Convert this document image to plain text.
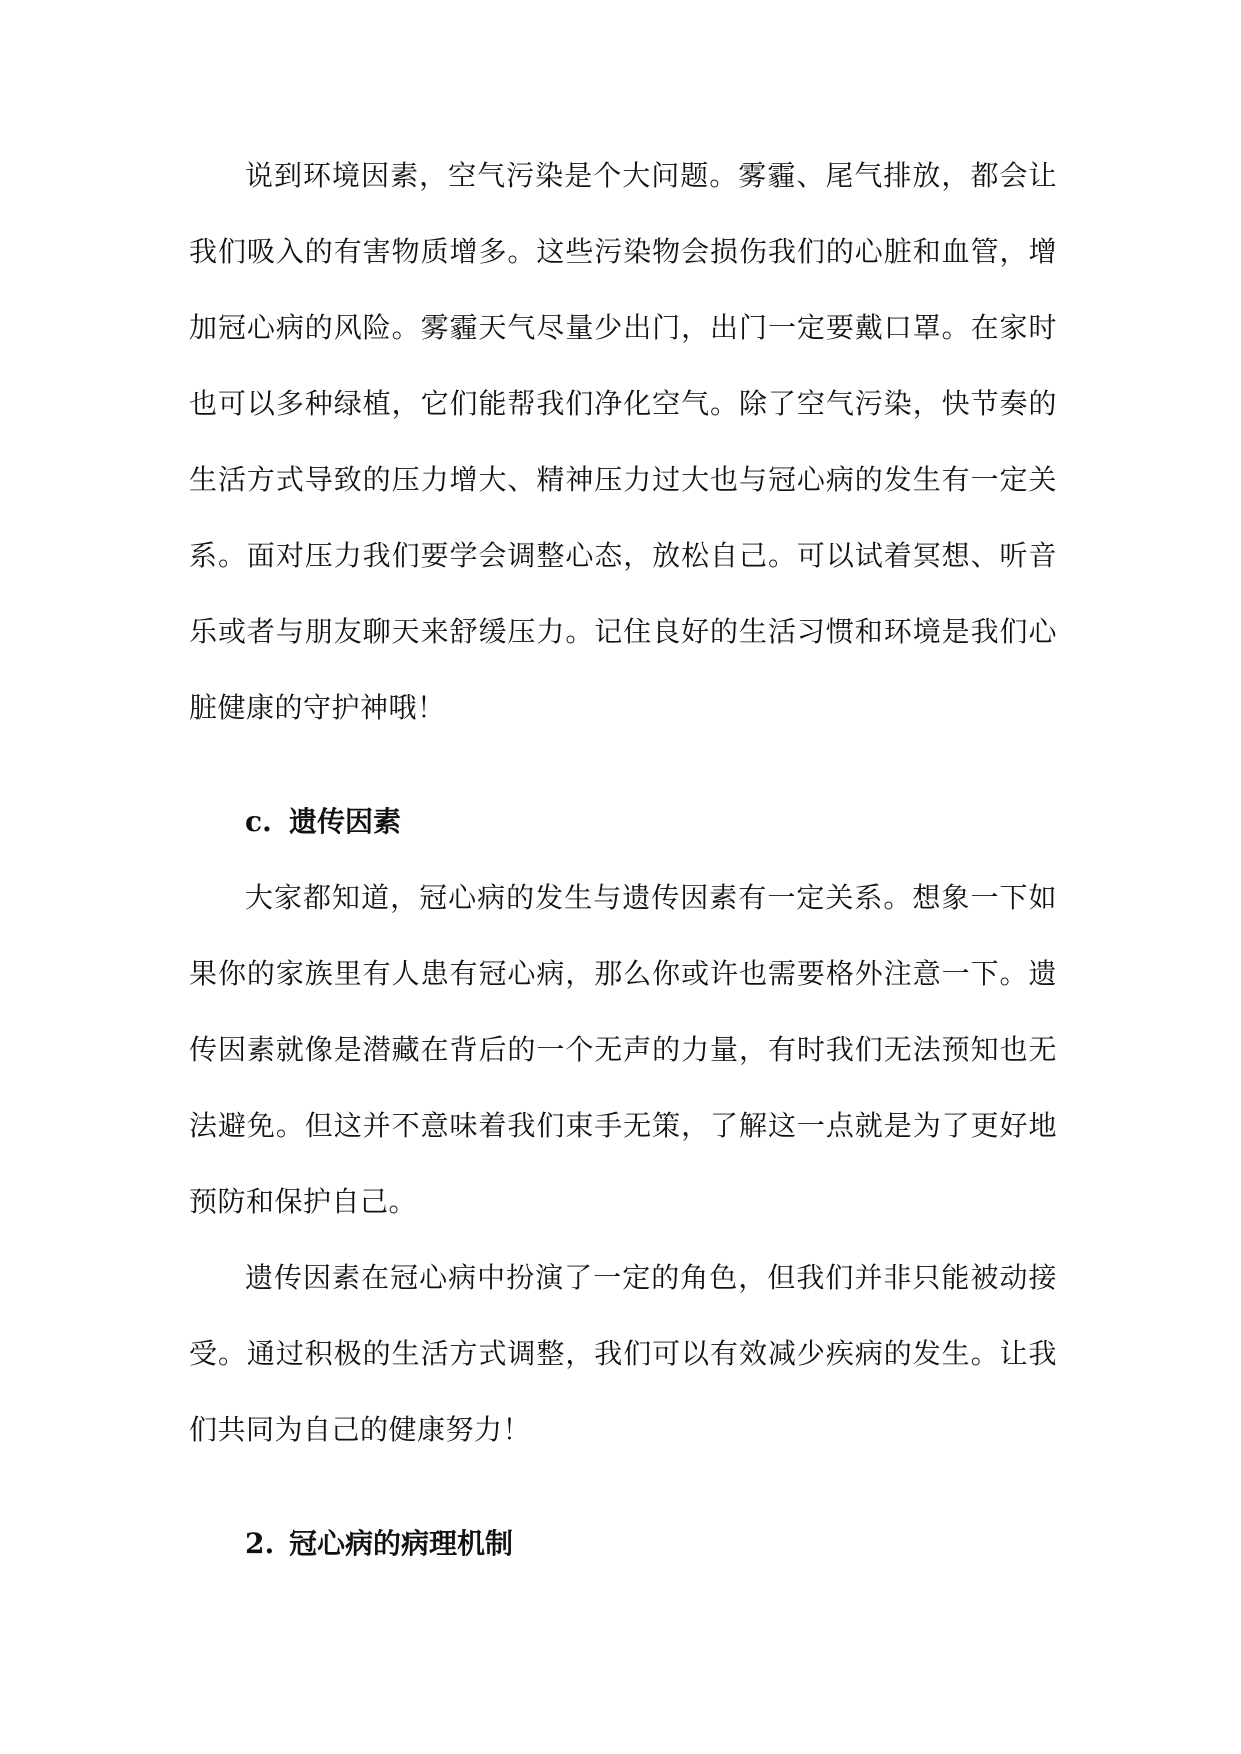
说到环境因素，空气污染是个大问题。雾霾、尾气排放，都会让我们吸入的有害物质增多。这些污染物会损伤我们的心脏和血管，增加冠心病的风险。雾霾天气尽量少出门，出门一定要戴口罩。在家时也可以多种绿植，它们能帮我们净化空气。除了空气污染，快节奏的生活方式导致的压力增大、精神压力过大也与冠心病的发生有一定关系。面对压力我们要学会调整心态，放松自己。可以试着冥想、听音乐或者与朋友聊天来舒缓压力。记住良好的生活习惯和环境是我们心脏健康的守护神哦！

c. 遗传因素

大家都知道，冠心病的发生与遗传因素有一定关系。想象一下如果你的家族里有人患有冠心病，那么你或许也需要格外注意一下。遗传因素就像是潜藏在背后的一个无声的力量，有时我们无法预知也无法避免。但这并不意味着我们束手无策，了解这一点就是为了更好地预防和保护自己。

遗传因素在冠心病中扮演了一定的角色，但我们并非只能被动接受。通过积极的生活方式调整，我们可以有效减少疾病的发生。让我们共同为自己的健康努力！

2. 冠心病的病理机制
